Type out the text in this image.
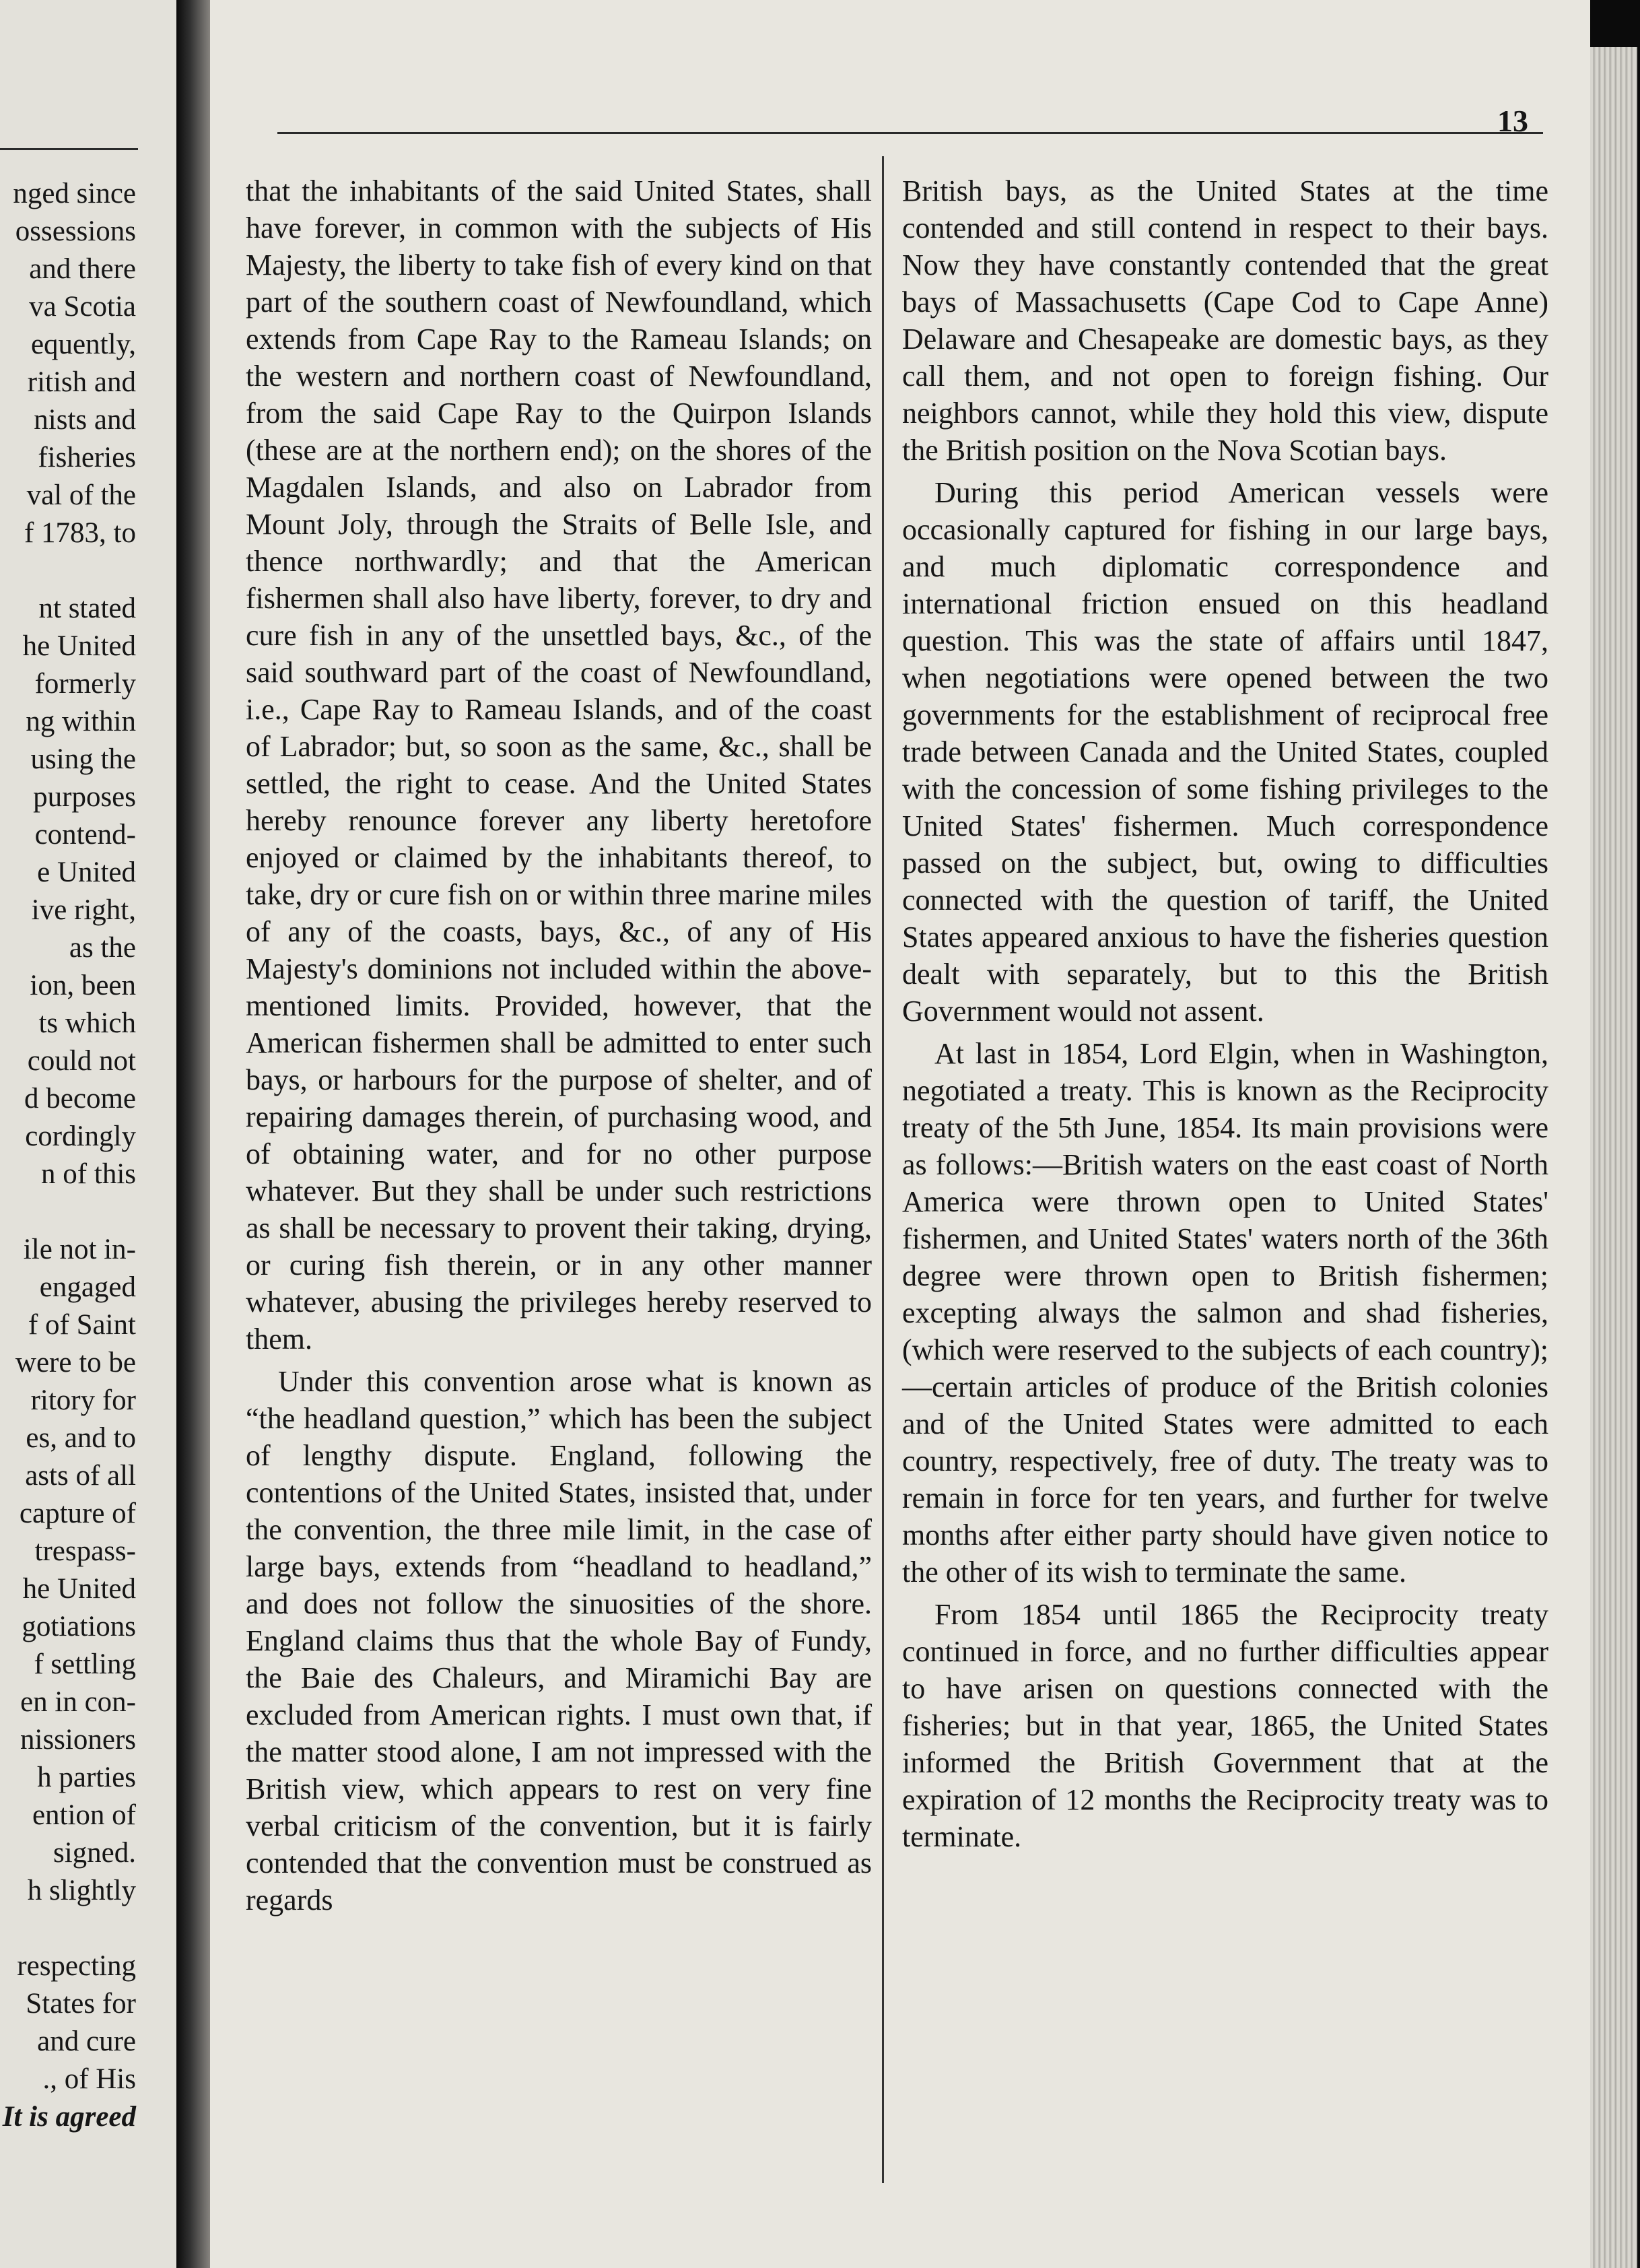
nged since
ossessions
and there
va Scotia
equently,
ritish and
nists and
fisheries
val of the
f 1783, to
nt stated
he United
formerly
ng within
using the
purposes
contend-
e United
ive right,
as the
ion, been
ts which
could not
d become
cordingly
n of this
ile not in-
engaged
f of Saint
were to be
ritory for
es, and to
asts of all
capture of
trespass-
he United
gotiations
f settling
en in con-
nissioners
h parties
ention of
signed.
h slightly
respecting
States for
and cure
., of His
It is agreed
13

that the inhabitants of the said United States, shall have forever, in common with the subjects of His Majesty, the liberty to take fish of every kind on that part of the southern coast of Newfoundland, which extends from Cape Ray to the Rameau Islands; on the western and northern coast of Newfoundland, from the said Cape Ray to the Quirpon Islands (these are at the northern end); on the shores of the Magdalen Islands, and also on Labrador from Mount Joly, through the Straits of Belle Isle, and thence northwardly; and that the American fishermen shall also have liberty, forever, to dry and cure fish in any of the unsettled bays, &c., of the said southward part of the coast of Newfoundland, i.e., Cape Ray to Rameau Islands, and of the coast of Labrador; but, so soon as the same, &c., shall be settled, the right to cease. And the United States hereby renounce forever any liberty heretofore enjoyed or claimed by the inhabitants thereof, to take, dry or cure fish on or within three marine miles of any of the coasts, bays, &c., of any of His Majesty's dominions not included within the above-mentioned limits. Provided, however, that the American fishermen shall be admitted to enter such bays, or harbours for the purpose of shelter, and of repairing damages therein, of purchasing wood, and of obtaining water, and for no other purpose whatever. But they shall be under such restrictions as shall be necessary to provent their taking, drying, or curing fish therein, or in any other manner whatever, abusing the privileges hereby reserved to them.

Under this convention arose what is known as “the headland question,” which has been the subject of lengthy dispute. England, following the contentions of the United States, insisted that, under the convention, the three mile limit, in the case of large bays, extends from “headland to headland,” and does not follow the sinuosities of the shore. England claims thus that the whole Bay of Fundy, the Baie des Chaleurs, and Miramichi Bay are excluded from American rights. I must own that, if the matter stood alone, I am not impressed with the British view, which appears to rest on very fine verbal criticism of the convention, but it is fairly contended that the convention must be construed as regards

British bays, as the United States at the time contended and still contend in respect to their bays. Now they have constantly contended that the great bays of Massachusetts (Cape Cod to Cape Anne) Delaware and Chesapeake are domestic bays, as they call them, and not open to foreign fishing. Our neighbors cannot, while they hold this view, dispute the British position on the Nova Scotian bays.

During this period American vessels were occasionally captured for fishing in our large bays, and much diplomatic correspondence and international friction ensued on this headland question. This was the state of affairs until 1847, when negotiations were opened between the two governments for the establishment of reciprocal free trade between Canada and the United States, coupled with the concession of some fishing privileges to the United States' fishermen. Much correspondence passed on the subject, but, owing to difficulties connected with the question of tariff, the United States appeared anxious to have the fisheries question dealt with separately, but to this the British Government would not assent.

At last in 1854, Lord Elgin, when in Washington, negotiated a treaty. This is known as the Reciprocity treaty of the 5th June, 1854. Its main provisions were as follows:—British waters on the east coast of North America were thrown open to United States' fishermen, and United States' waters north of the 36th degree were thrown open to British fishermen; excepting always the salmon and shad fisheries, (which were reserved to the subjects of each country);—certain articles of produce of the British colonies and of the United States were admitted to each country, respectively, free of duty. The treaty was to remain in force for ten years, and further for twelve months after either party should have given notice to the other of its wish to terminate the same.

From 1854 until 1865 the Reciprocity treaty continued in force, and no further difficulties appear to have arisen on questions connected with the fisheries; but in that year, 1865, the United States informed the British Government that at the expiration of 12 months the Reciprocity treaty was to terminate.
